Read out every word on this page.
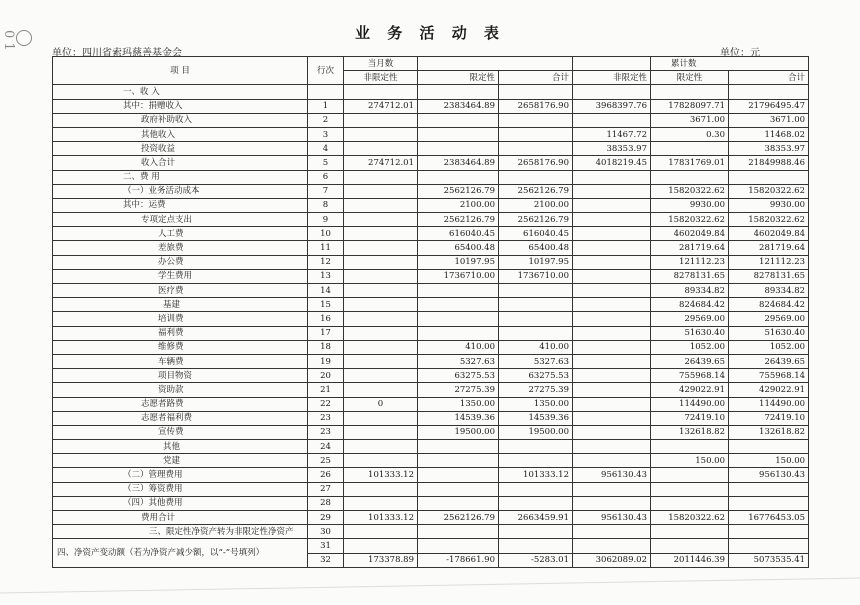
业 务 活 动 表
0 1
单位：四川省索玛慈善基金会	单位：元
项 目	行次	当月数				累计数	
		非限定性	限定性	合计	非限定性	限定性	合计
一、收 入							
其中：捐赠收入	1	274712.01	2383464.89	2658176.90	3968397.76	17828097.71	21796495.47
政府补助收入	2					3671.00	3671.00
其他收入	3				11467.72	0.30	11468.02
投资收益	4				38353.97		38353.97
收入合计	5	274712.01	2383464.89	2658176.90	4018219.45	17831769.01	21849988.46
二、费 用	6						
（一）业务活动成本	7		2562126.79	2562126.79		15820322.62	15820322.62
其中：运费	8		2100.00	2100.00		9930.00	9930.00
专项定点支出	9		2562126.79	2562126.79		15820322.62	15820322.62
人工费	10		616040.45	616040.45		4602049.84	4602049.84
差旅费	11		65400.48	65400.48		281719.64	281719.64
办公费	12		10197.95	10197.95		121112.23	121112.23
学生费用	13		1736710.00	1736710.00		8278131.65	8278131.65
医疗费	14					89334.82	89334.82
基建	15					824684.42	824684.42
培训费	16					29569.00	29569.00
福利费	17					51630.40	51630.40
维修费	18		410.00	410.00		1052.00	1052.00
车辆费	19		5327.63	5327.63		26439.65	26439.65
项目物资	20		63275.53	63275.53		755968.14	755968.14
资助款	21		27275.39	27275.39		429022.91	429022.91
志愿者路费	22	0	1350.00	1350.00		114490.00	114490.00
志愿者福利费	23		14539.36	14539.36		72419.10	72419.10
宣传费	23		19500.00	19500.00		132618.82	132618.82
其他	24						
党建	25					150.00	150.00
（二）管理费用	26	101333.12		101333.12	956130.43		956130.43
（三）筹资费用	27						
（四）其他费用	28						
费用合计	29	101333.12	2562126.79	2663459.91	956130.43	15820322.62	16776453.05
三、限定性净资产转为非限定性净资产	30						
四、净资产变动额（若为净资产减少额，以“-”号填列）	31						
	32	173378.89	-178661.90	-5283.01	3062089.02	2011446.39	5073535.41
